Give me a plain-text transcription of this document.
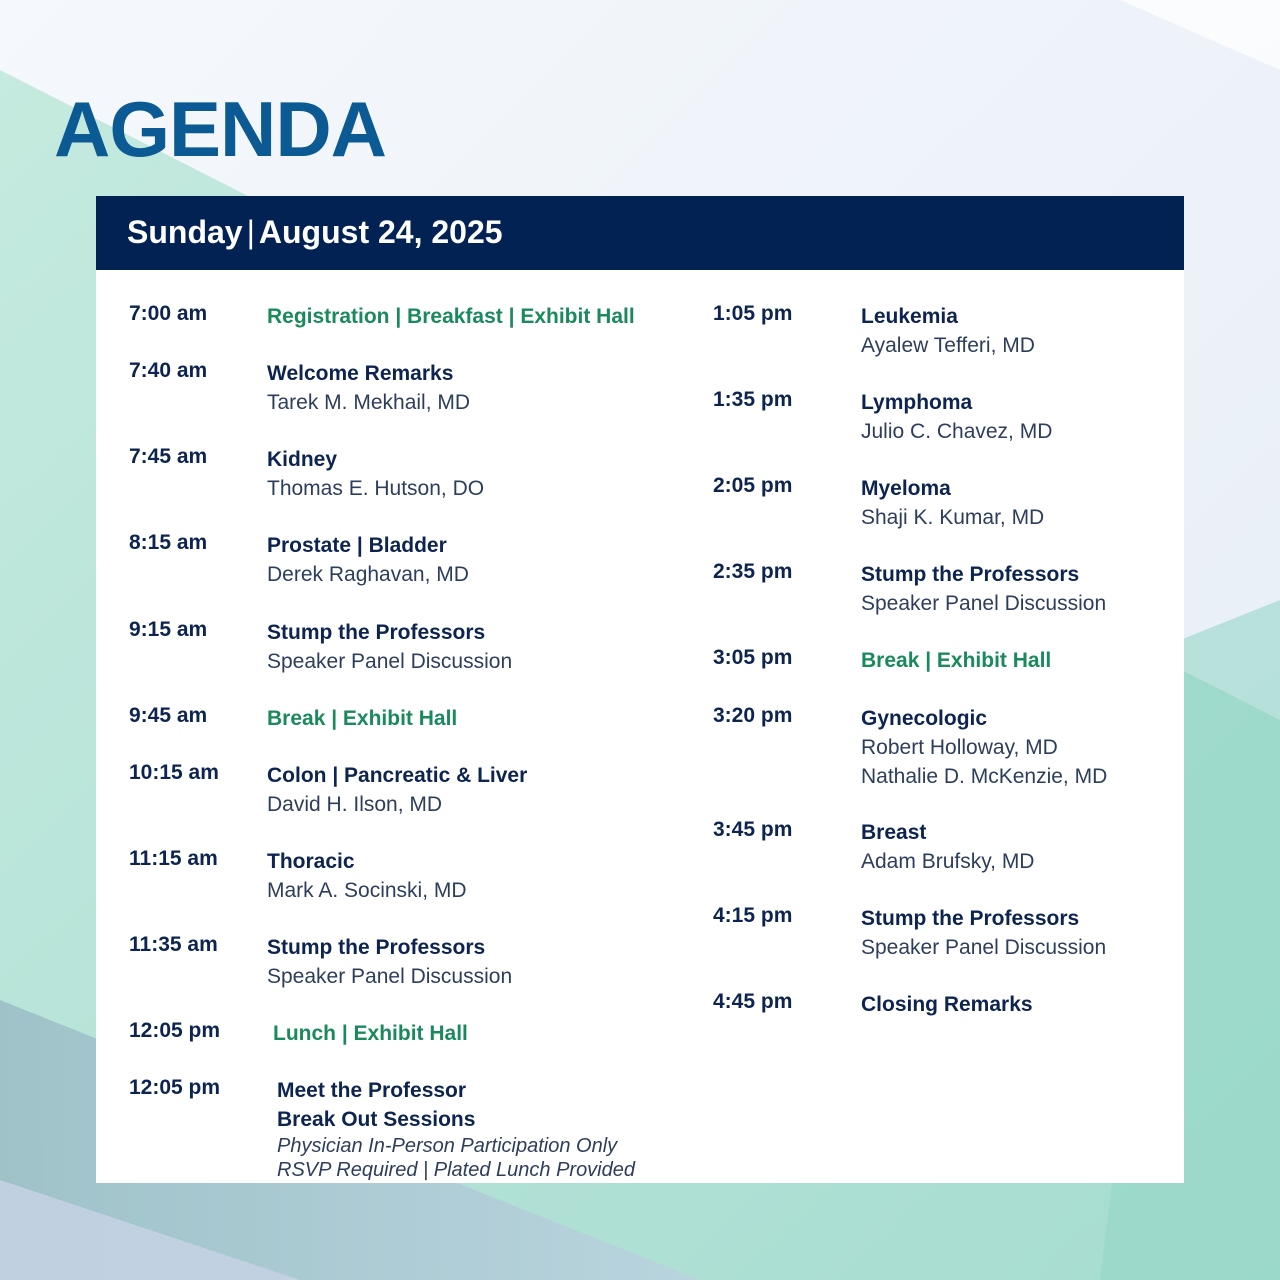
AGENDA
Sunday | August 24, 2025
7:00 am	Registration | Breakfast | Exhibit Hall
7:40 am	Welcome Remarks
Tarek M. Mekhail, MD
7:45 am	Kidney
Thomas E. Hutson, DO
8:15 am	Prostate | Bladder
Derek Raghavan, MD
9:15 am	Stump the Professors
Speaker Panel Discussion
9:45 am	Break | Exhibit Hall
10:15 am Colon | Pancreatic & Liver
David H. Ilson, MD
11:15 am Thoracic
Mark A. Socinski, MD
11:35 am Stump the Professors
Speaker Panel Discussion
12:05 pm	Lunch | Exhibit Hall
12:05 pm	Meet the Professor
Break Out Sessions
Physician In-Person Participation Only
RSVP Required | Plated Lunch Provided
1:05 pm	Leukemia
Ayalew Tefferi, MD
1:35 pm	Lymphoma
Julio C. Chavez, MD
2:05 pm	Myeloma
Shaji K. Kumar, MD
2:35 pm	Stump the Professors
Speaker Panel Discussion
3:05 pm	Break | Exhibit Hall
3:20 pm	Gynecologic
Robert Holloway, MD
Nathalie D. McKenzie, MD
3:45 pm	Breast
Adam Brufsky, MD
4:15 pm	Stump the Professors
Speaker Panel Discussion
4:45 pm	Closing Remarks
